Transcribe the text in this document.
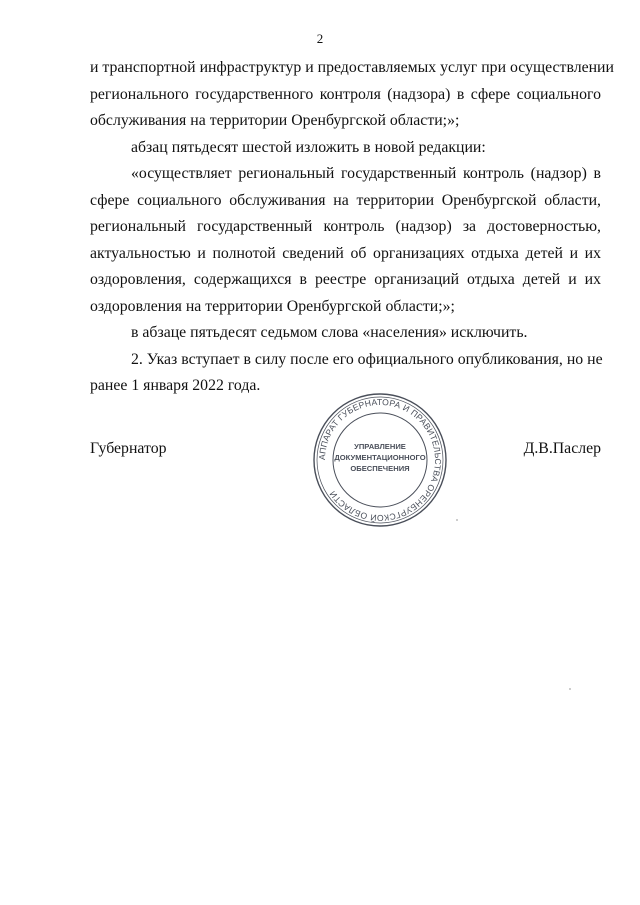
2

и транспортной инфраструктур и предоставляемых услуг при осуществлении
регионального государственного контроля (надзора) в сфере социального
обслуживания на территории Оренбургской области;»;

абзац пятьдесят шестой изложить в новой редакции:

«осуществляет региональный государственный контроль (надзор) в
сфере социального обслуживания на территории Оренбургской области,
региональный государственный контроль (надзор) за достоверностью,
актуальностью и полнотой сведений об организациях отдыха детей и их
оздоровления, содержащихся в реестре организаций отдыха детей и их
оздоровления на территории Оренбургской области;»;

в абзаце пятьдесят седьмом слова «населения» исключить.

2. Указ вступает в силу после его официального опубликования, но не
ранее 1 января 2022 года.

Губернатор	Д.В.Паслер
АППАРАТ ГУБЕРНАТОРА И ПРАВИТЕЛЬСТВА ОРЕНБУРГСКОЙ ОБЛАСТИ
УПРАВЛЕНИЕ
ДОКУМЕНТАЦИОННОГО
ОБЕСПЕЧЕНИЯ
